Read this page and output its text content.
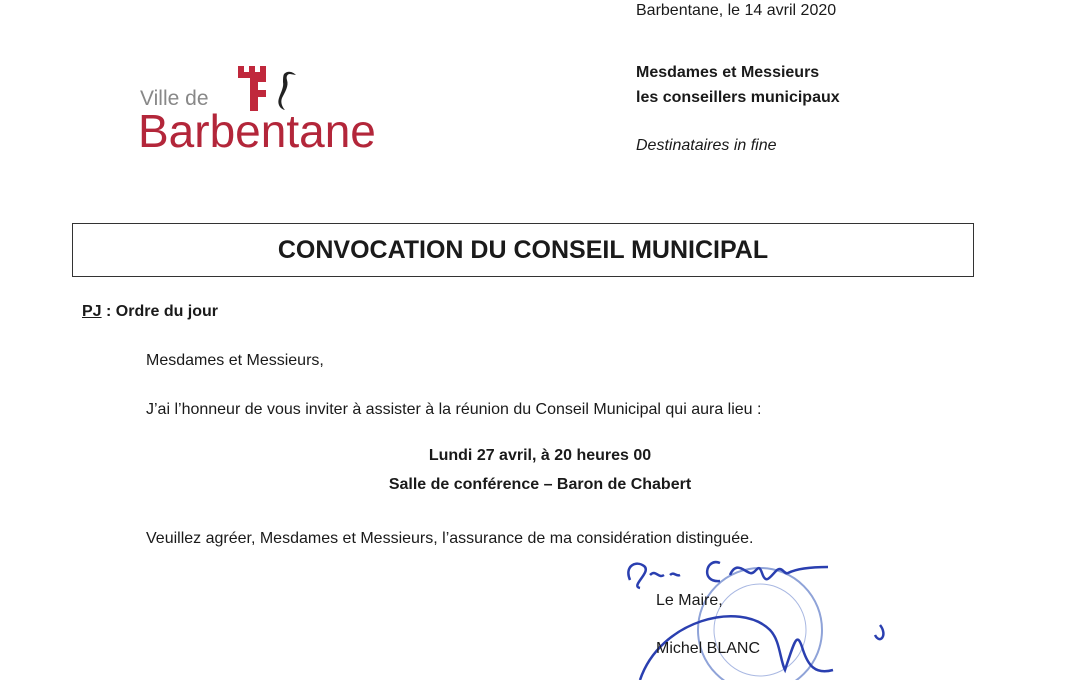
Barbentane, le 14 avril 2020
Ville de
Barbentane
Mesdames et Messieurs
les conseillers municipaux
Destinataires in fine
CONVOCATION DU CONSEIL MUNICIPAL
PJ : Ordre du jour
Mesdames et Messieurs,
J’ai l’honneur de vous inviter à assister à la réunion du Conseil Municipal qui aura lieu :
Lundi 27 avril, à 20 heures 00
Salle de conférence – Baron de Chabert
Veuillez agréer, Mesdames et Messieurs, l’assurance de ma considération distinguée.
Le Maire,
Michel BLANC
